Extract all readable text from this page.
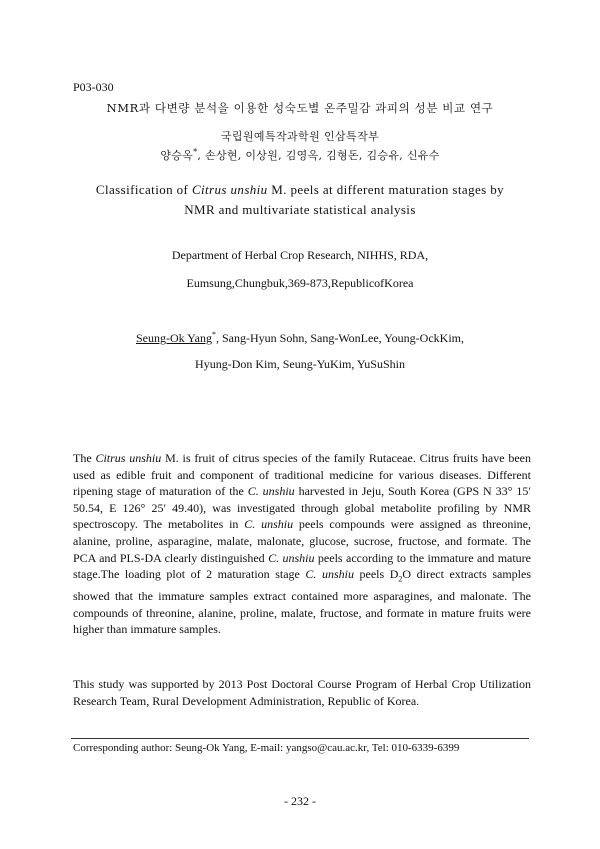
P03-030
NMR과 다변량 분석을 이용한 성숙도별 온주밀감 과피의 성분 비교 연구
국립원예특작과학원 인삼특작부
양승옥*, 손상현, 이상원, 김영옥, 김형돈, 김승유, 신유수
Classification of Citrus unshiu M. peels at different maturation stages by
NMR and multivariate statistical analysis
Department of Herbal Crop Research, NIHHS, RDA,
Eumsung,Chungbuk,369-873,RepublicofKorea
Seung-Ok Yang*, Sang-Hyun Sohn, Sang-WonLee, Young-OckKim,
Hyung-Don Kim, Seung-YuKim, YuSuShin
The Citrus unshiu M. is fruit of citrus species of the family Rutaceae. Citrus fruits have been used as edible fruit and component of traditional medicine for various diseases. Different ripening stage of maturation of the C. unshiu harvested in Jeju, South Korea (GPS N 33° 15′ 50.54, E 126° 25′ 49.40), was investigated through global metabolite profiling by NMR spectroscopy. The metabolites in C. unshiu peels compounds were assigned as threonine, alanine, proline, asparagine, malate, malonate, glucose, sucrose, fructose, and formate. The PCA and PLS-DA clearly distinguished C. unshiu peels according to the immature and mature stage.The loading plot of 2 maturation stage C. unshiu peels $D_2O$ direct extracts samples showed that the immature samples extract contained more asparagines, and malonate. The compounds of threonine, alanine, proline, malate, fructose, and formate in mature fruits were higher than immature samples.
This study was supported by 2013 Post Doctoral Course Program of Herbal Crop Utilization Research Team, Rural Development Administration, Republic of Korea.
Corresponding author: Seung-Ok Yang, E-mail: yangso@cau.ac.kr, Tel: 010-6339-6399
- 232 -
